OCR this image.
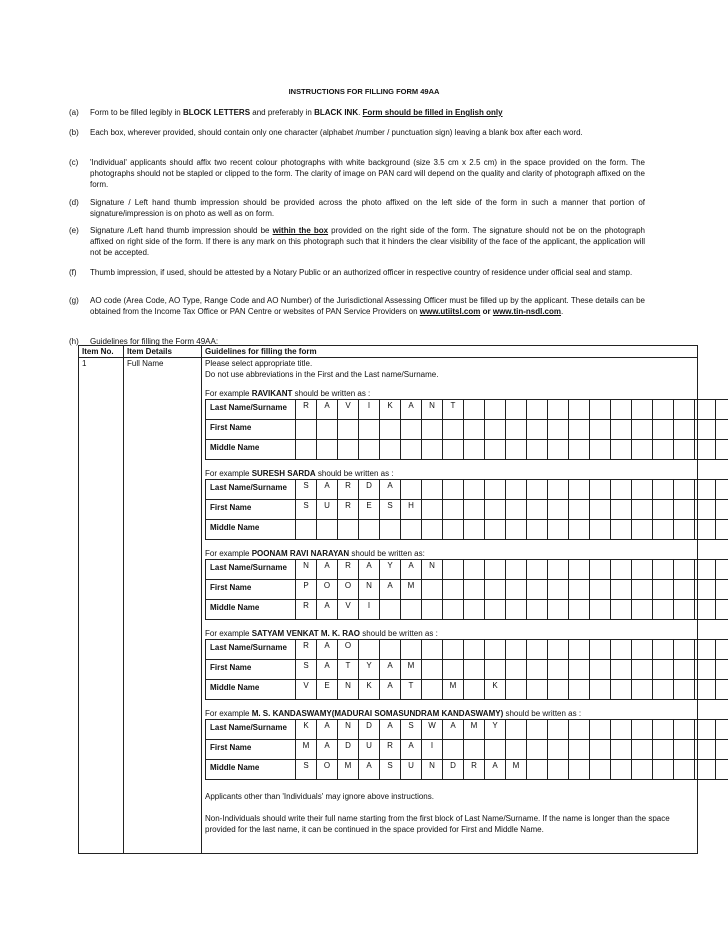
INSTRUCTIONS FOR FILLING FORM 49AA
(a) Form to be filled legibly in BLOCK LETTERS and preferably in BLACK INK. Form should be filled in English only
(b) Each box, wherever provided, should contain only one character (alphabet /number / punctuation sign) leaving a blank box after each word.
(c) 'Individual' applicants should affix two recent colour photographs with white background (size 3.5 cm x 2.5 cm) in the space provided on the form. The photographs should not be stapled or clipped to the form. The clarity of image on PAN card will depend on the quality and clarity of photograph affixed on the form.
(d) Signature / Left hand thumb impression should be provided across the photo affixed on the left side of the form in such a manner that portion of signature/impression is on photo as well as on form.
(e) Signature /Left hand thumb impression should be within the box provided on the right side of the form. The signature should not be on the photograph affixed on right side of the form. If there is any mark on this photograph such that it hinders the clear visibility of the face of the applicant, the application will not be accepted.
(f) Thumb impression, if used, should be attested by a Notary Public or an authorized officer in respective country of residence under official seal and stamp.
(g) AO code (Area Code, AO Type, Range Code and AO Number) of the Jurisdictional Assessing Officer must be filled up by the applicant. These details can be obtained from the Income Tax Office or PAN Centre or websites of PAN Service Providers on www.utiitsl.com or www.tin-nsdl.com.
(h) Guidelines for filling the Form 49AA:
Item No.	Item Details	Guidelines for filling the form
1	Full Name	Please select appropriate title.

Do not use abbreviations in the First and the Last name/Surname.

For example RAVIKANT should be written as :

Last Name/Surname	R	A	V	I	K	A	N	T																				
First Name																												
Middle Name																												

For example SURESH SARDA should be written as :

Last Name/Surname	S	A	R	D	A																							
First Name	S	U	R	E	S	H																						
Middle Name																												

For example POONAM RAVI NARAYAN should be written as:

Last Name/Surname	N	A	R	A	Y	A	N																					
First Name	P	O	O	N	A	M																						
Middle Name	R	A	V	I																								

For example SATYAM VENKAT M. K. RAO should be written as :

Last Name/Surname	R	A	O																									
First Name	S	A	T	Y	A	M																						
Middle Name	V	E	N	K	A	T		M		K																		

For example M. S. KANDASWAMY(MADURAI SOMASUNDRAM KANDASWAMY) should be written as :

Last Name/Surname	K	A	N	D	A	S	W	A	M	Y																		
First Name	M	A	D	U	R	A	I																					
Middle Name	S	O	M	A	S	U	N	D	R	A	M																	

Applicants other than 'Individuals' may ignore above instructions.

Non-Individuals should write their full name starting from the first block of Last Name/Surname. If the name is longer than the space provided for the last name, it can be continued in the space provided for First and Middle Name.
